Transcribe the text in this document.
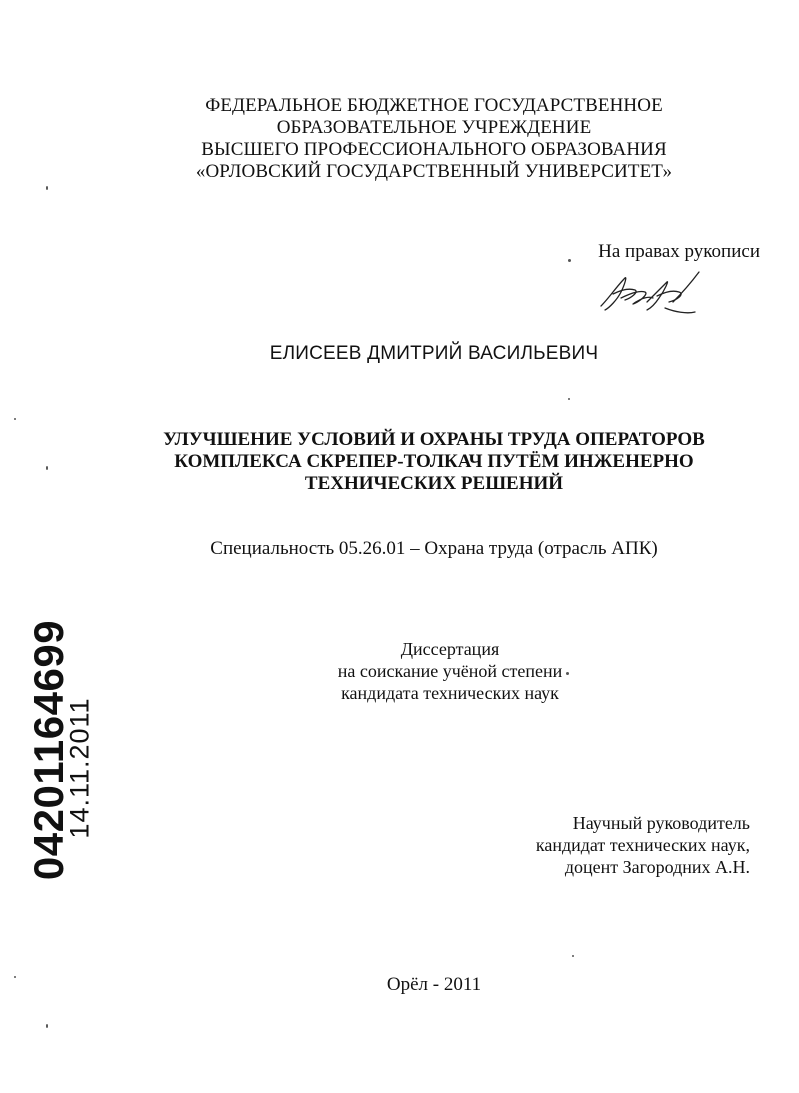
ФЕДЕРАЛЬНОЕ БЮДЖЕТНОЕ ГОСУДАРСТВЕННОЕ
ОБРАЗОВАТЕЛЬНОЕ УЧРЕЖДЕНИЕ
ВЫСШЕГО ПРОФЕССИОНАЛЬНОГО ОБРАЗОВАНИЯ
«ОРЛОВСКИЙ ГОСУДАРСТВЕННЫЙ УНИВЕРСИТЕТ»
На правах рукописи
ЕЛИСЕЕВ ДМИТРИЙ ВАСИЛЬЕВИЧ
УЛУЧШЕНИЕ УСЛОВИЙ И ОХРАНЫ ТРУДА ОПЕРАТОРОВ
КОМПЛЕКСА СКРЕПЕР-ТОЛКАЧ ПУТЁМ ИНЖЕНЕРНО
ТЕХНИЧЕСКИХ РЕШЕНИЙ
Специальность 05.26.01 – Охрана труда (отрасль АПК)
Диссертация
на соискание учёной степени
кандидата технических наук
Научный руководитель
кандидат технических наук,
доцент Загородних А.Н.
Орёл - 2011
04201164699
14.11.2011
